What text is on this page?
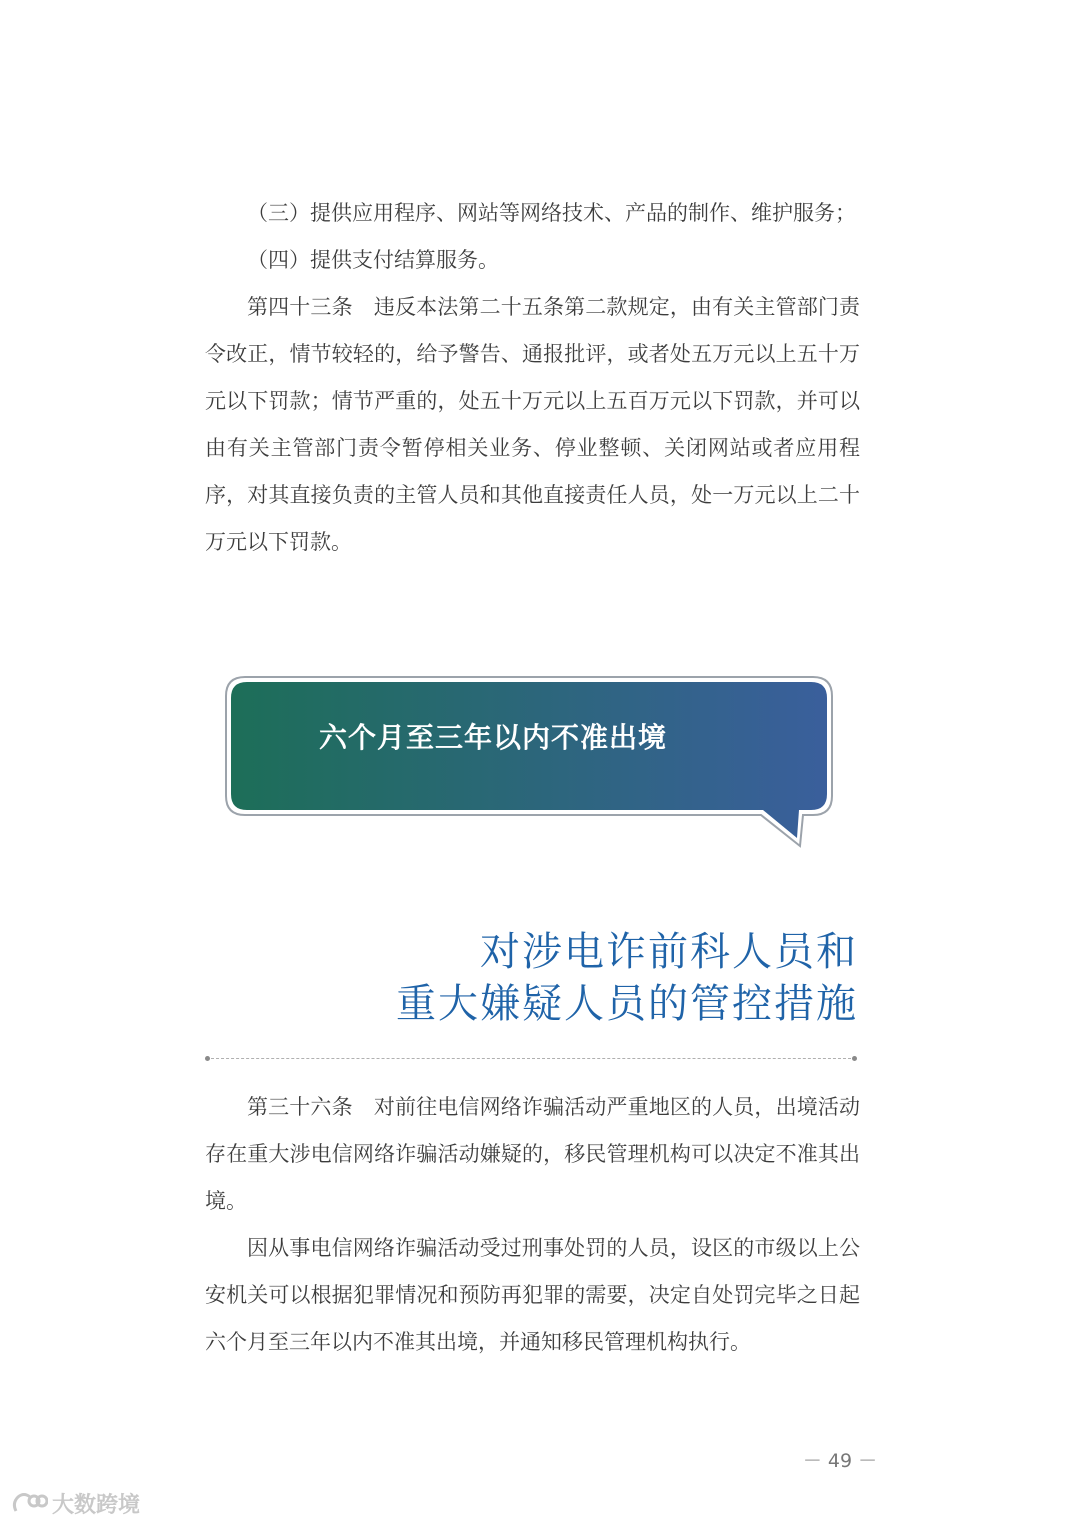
（三）提供应用程序、网站等网络技术、产品的制作、维护服务；

（四）提供支付结算服务。

第四十三条　违反本法第二十五条第二款规定，由有关主管部门责令改正，情节较轻的，给予警告、通报批评，或者处五万元以上五十万元以下罚款；情节严重的，处五十万元以上五百万元以下罚款，并可以由有关主管部门责令暂停相关业务、停业整顿、关闭网站或者应用程序，对其直接负责的主管人员和其他直接责任人员，处一万元以上二十万元以下罚款。

六个月至三年以内不准出境
对涉电诈前科人员和
重大嫌疑人员的管控措施

第三十六条　对前往电信网络诈骗活动严重地区的人员，出境活动存在重大涉电信网络诈骗活动嫌疑的，移民管理机构可以决定不准其出境。

因从事电信网络诈骗活动受过刑事处罚的人员，设区的市级以上公安机关可以根据犯罪情况和预防再犯罪的需要，决定自处罚完毕之日起六个月至三年以内不准其出境，并通知移民管理机构执行。

－ 49 －
大数跨境
